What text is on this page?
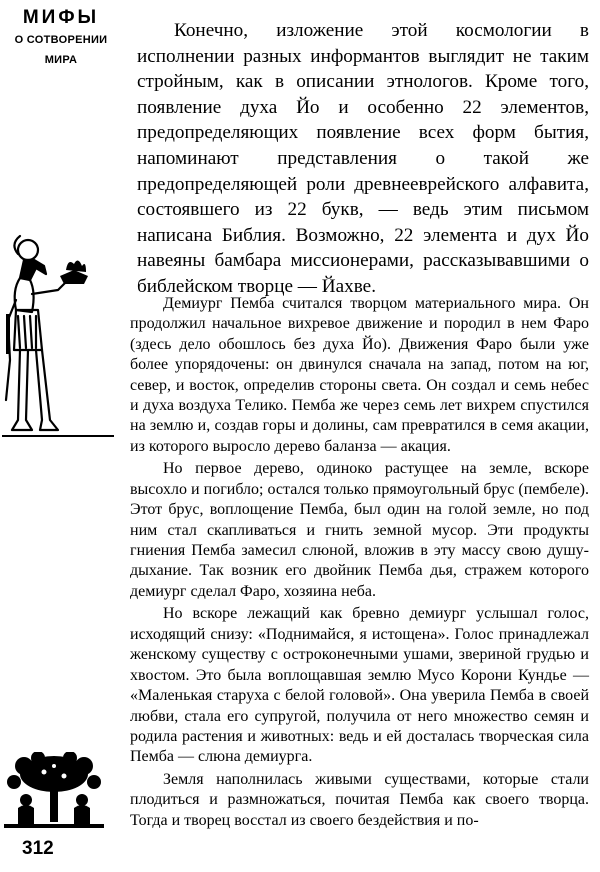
МИФЫ
О СОТВОРЕНИИ
МИРА

Конечно, изложение этой космологии в исполнении разных информантов выглядит не таким стройным, как в описании этнологов. Кроме того, появление духа Йо и особенно 22 элементов, предопределяющих появление всех форм бытия, напоминают представления о такой же предопределяющей роли древнееврейского алфавита, состоявшего из 22 букв, — ведь этим письмом написана Библия. Возможно, 22 элемента и дух Йо навеяны бамбара миссионерами, рассказывавшими о библейском творце — Йахве.

Демиург Пемба считался творцом материального мира. Он продолжил начальное вихревое движение и породил в нем Фаро (здесь дело обошлось без духа Йо). Движения Фаро были уже более упорядочены: он двинулся сначала на запад, потом на юг, север, и восток, определив стороны света. Он создал и семь небес и духа воздуха Телико. Пемба же через семь лет вихрем спустился на землю и, создав горы и долины, сам превратился в семя акации, из которого выросло дерево баланза — акация.

Но первое дерево, одиноко растущее на земле, вскоре высохло и погибло; остался только прямоугольный брус (пембеле). Этот брус, воплощение Пемба, был один на голой земле, но под ним стал скапливаться и гнить земной мусор. Эти продукты гниения Пемба замесил слюной, вложив в эту массу свою душу-дыхание. Так возник его двойник Пемба дья, стражем которого демиург сделал Фаро, хозяина неба.

Но вскоре лежащий как бревно демиург услышал голос, исходящий снизу: «Поднимайся, я истощена». Голос принадлежал женскому существу с остроконечными ушами, звериной грудью и хвостом. Это была воплощавшая землю Мусо Корони Кундье — «Маленькая старуха с белой головой». Она уверила Пемба в своей любви, стала его супругой, получила от него множество семян и родила растения и животных: ведь и ей досталась творческая сила Пемба — слюна демиурга.

Земля наполнилась живыми существами, которые стали плодиться и размножаться, почитая Пемба как своего творца. Тогда и творец восстал из своего бездействия и по-

312
